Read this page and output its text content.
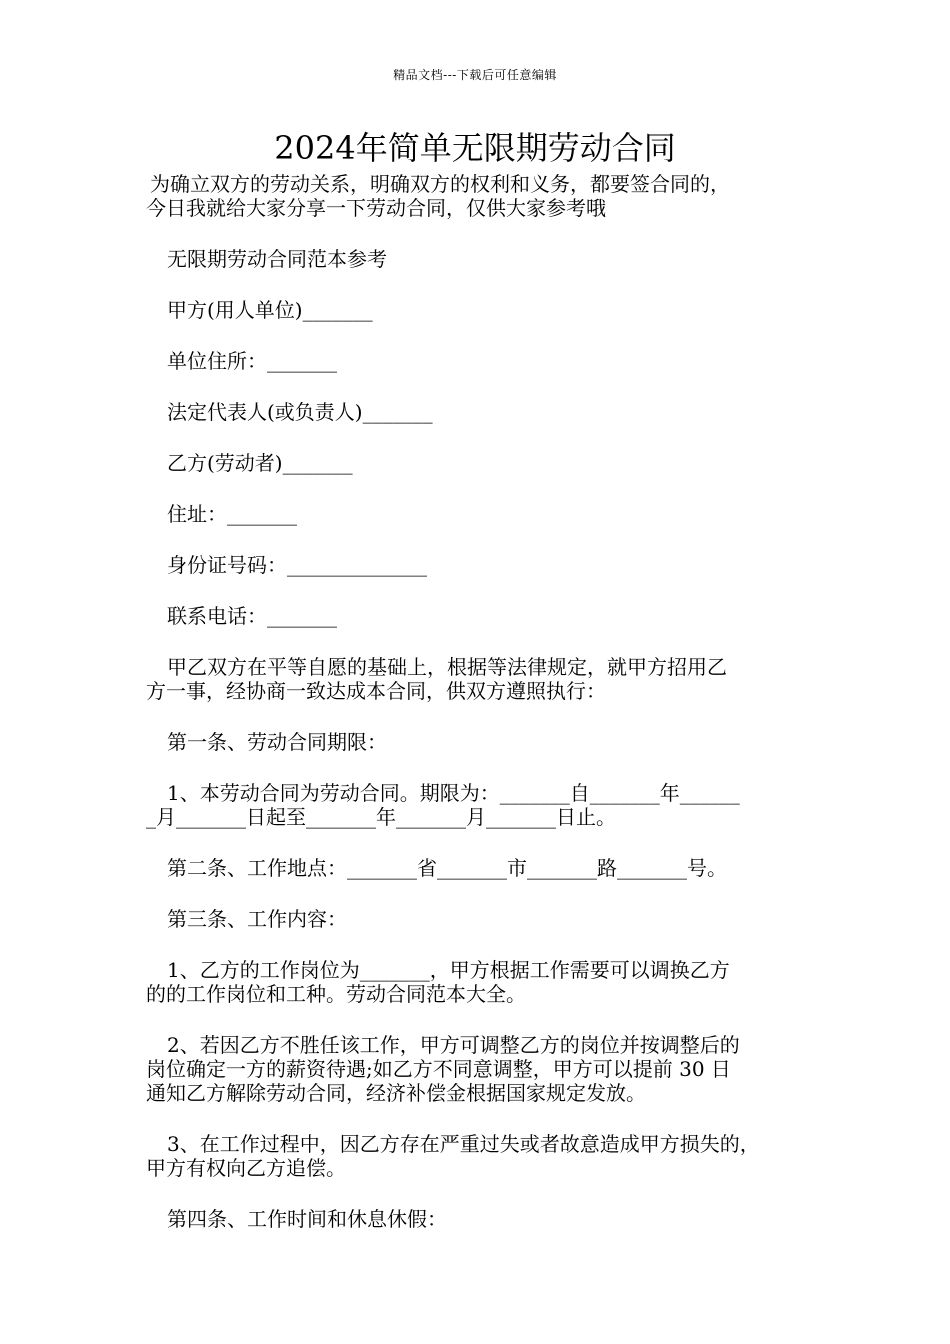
精品文档---下载后可任意编辑
2024年简单无限期劳动合同

为确立双方的劳动关系，明确双方的权利和义务，都要签合同的，

今日我就给大家分享一下劳动合同，仅供大家参考哦

无限期劳动合同范本参考

甲方(用人单位)_______

单位住所：_______

法定代表人(或负责人)_______

乙方(劳动者)_______

住址：_______

身份证号码：______________

联系电话：_______

甲乙双方在平等自愿的基础上，根据等法律规定，就甲方招用乙

方一事，经协商一致达成本合同，供双方遵照执行：

第一条、劳动合同期限：

1、本劳动合同为劳动合同。期限为：_______自_______年______

_月_______日起至_______年_______月_______日止。

第二条、工作地点：_______省_______市_______路_______号。

第三条、工作内容：

1、乙方的工作岗位为_______，甲方根据工作需要可以调换乙方

的的工作岗位和工种。劳动合同范本大全。

2、若因乙方不胜任该工作，甲方可调整乙方的岗位并按调整后的

岗位确定一方的薪资待遇;如乙方不同意调整，甲方可以提前 30 日

通知乙方解除劳动合同，经济补偿金根据国家规定发放。

3、在工作过程中，因乙方存在严重过失或者故意造成甲方损失的，

甲方有权向乙方追偿。

第四条、工作时间和休息休假：
